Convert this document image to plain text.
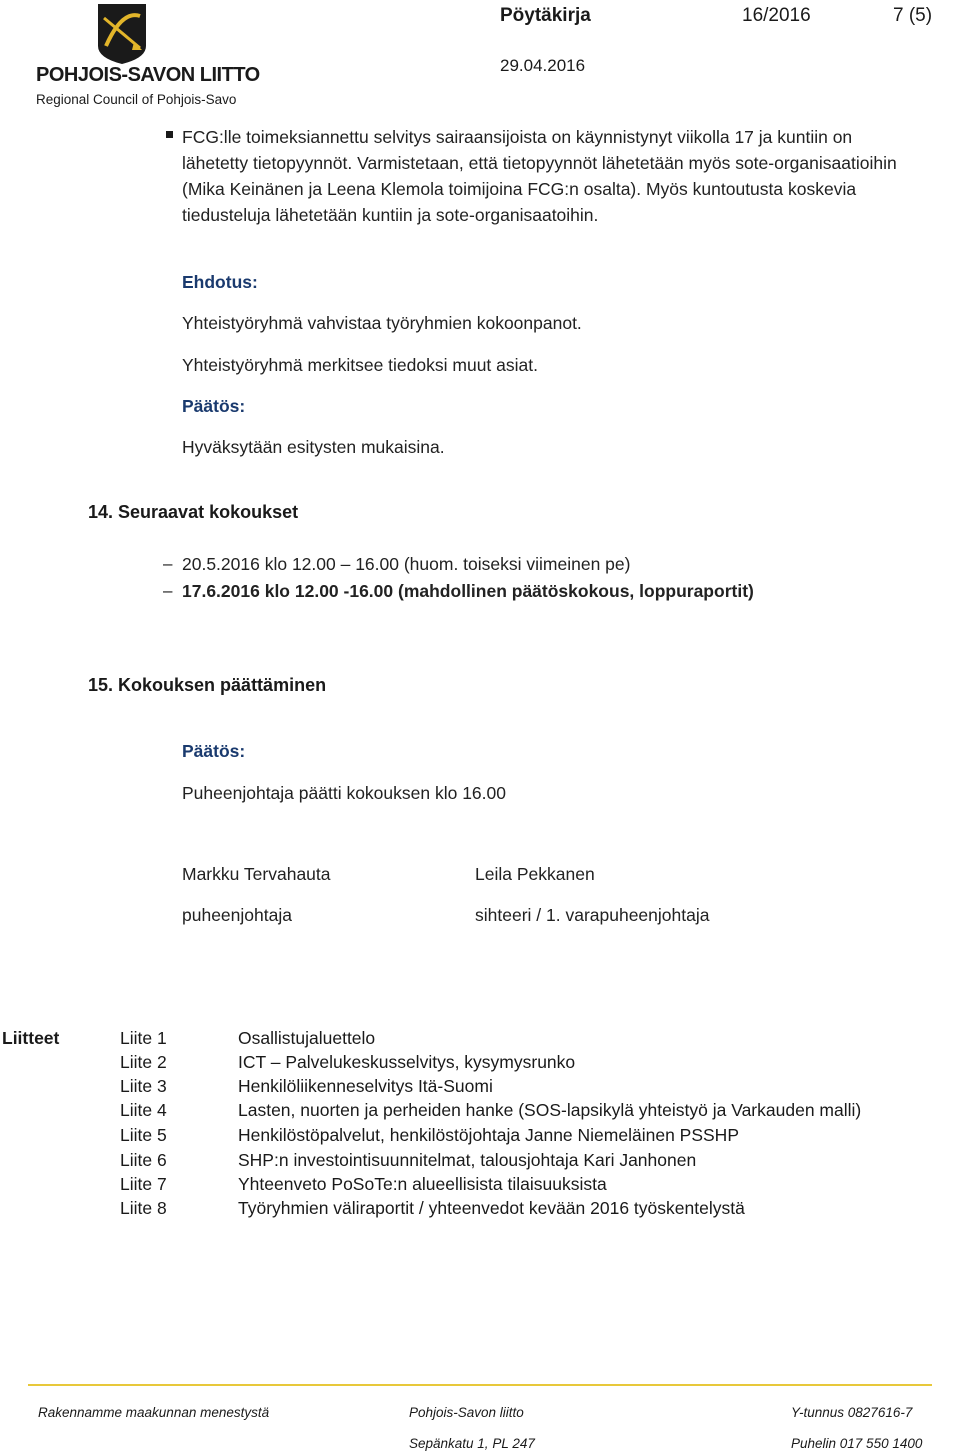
POHJOIS-SAVON LIITTO
Regional Council of Pohjois-Savo
Pöytäkirja	16/2016	7 (5)
29.04.2016
FCG:lle toimeksiannettu selvitys sairaansijoista on käynnistynyt viikolla 17 ja kuntiin on lähetetty tietopyynnöt. Varmistetaan, että tietopyynnöt lähetetään myös sote-organisaatioihin (Mika Keinänen ja Leena Klemola toimijoina FCG:n osalta). Myös kuntoutusta koskevia tiedusteluja lähetetään kuntiin ja sote-organisaatoihin.
Ehdotus:
Yhteistyöryhmä vahvistaa työryhmien kokoonpanot.
Yhteistyöryhmä merkitsee tiedoksi muut asiat.
Päätös:
Hyväksytään esitysten mukaisina.
14. Seuraavat kokoukset
– 20.5.2016 klo 12.00 – 16.00 (huom. toiseksi viimeinen pe)
– 17.6.2016 klo 12.00 -16.00 (mahdollinen päätöskokous, loppuraportit)
15. Kokouksen päättäminen
Päätös:
Puheenjohtaja päätti kokouksen klo 16.00
Markku Tervahauta
puheenjohtaja
Leila Pekkanen
sihteeri / 1. varapuheenjohtaja
Liitteet	Liite 1	Osallistujaluettelo
Liite 2	ICT – Palvelukeskusselvitys, kysymysrunko
Liite 3	Henkilöliikenneselvitys Itä-Suomi
Liite 4	Lasten, nuorten ja perheiden hanke (SOS-lapsikylä yhteistyö ja Varkauden malli)
Liite 5	Henkilöstöpalvelut, henkilöstöjohtaja Janne Niemeläinen PSSHP
Liite 6	SHP:n investointisuunnitelmat, talousjohtaja Kari Janhonen
Liite 7	Yhteenveto PoSoTe:n alueellisista tilaisuuksista
Liite 8	Työryhmien väliraportit / yhteenvedot kevään 2016 työskentelystä
Rakennamme maakunnan menestystä	Pohjois-Savon liitto
Sepänkatu 1, PL 247
Y-tunnus 0827616-7
Puhelin 017 550 1400
